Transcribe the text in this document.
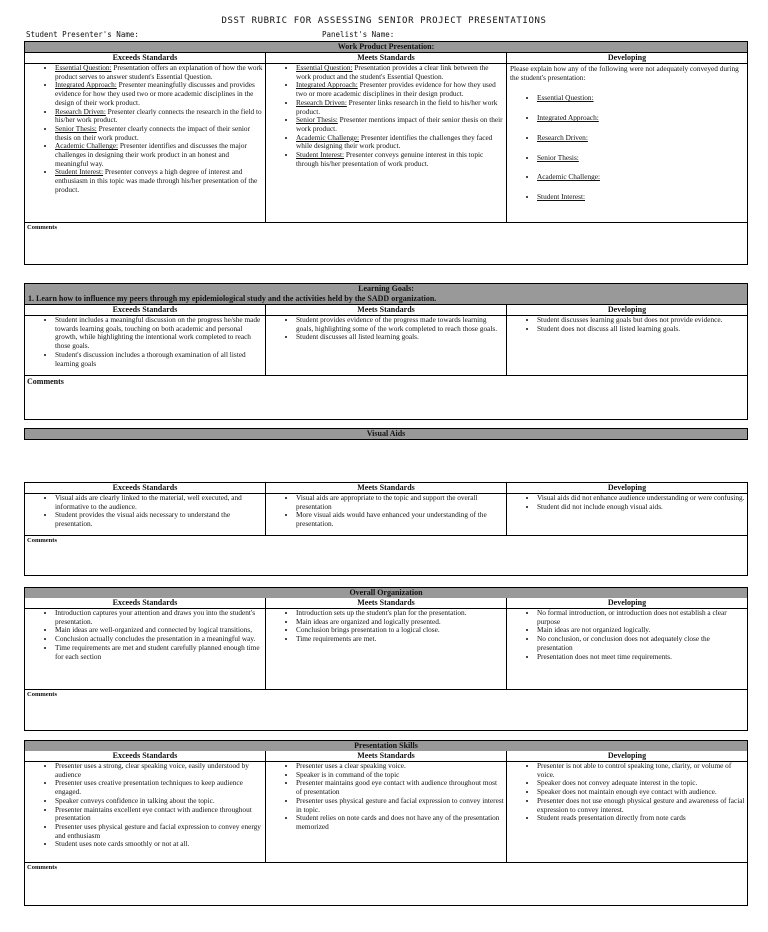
DSST RUBRIC FOR ASSESSING SENIOR PROJECT PRESENTATIONS
Student Presenter's Name:	Panelist's Name:
Work Product Presentation:
Exceeds Standards
• Essential Question: Presentation offers an explanation of how the work product serves to answer student's Essential Question.
• Integrated Approach: Presenter meaningfully discusses and provides evidence for how they used two or more academic disciplines in the design of their work product.
• Research Driven: Presenter clearly connects the research in the field to his/her work product.
• Senior Thesis: Presenter clearly connects the impact of their senior thesis on their work product.
• Academic Challenge: Presenter identifies and discusses the major challenges in designing their work product in an honest and meaningful way.
• Student Interest: Presenter conveys a high degree of interest and enthusiasm in this topic was made through his/her presentation of the product.
Meets Standards
• Essential Question: Presentation provides a clear link between the work product and the student's Essential Question.
• Integrated Approach: Presenter provides evidence for how they used two or more academic disciplines in their design product.
• Research Driven: Presenter links research in the field to his/her work product.
• Senior Thesis: Presenter mentions impact of their senior thesis on their work product.
• Academic Challenge: Presenter identifies the challenges they faced while designing their work product.
• Student Interest: Presenter conveys genuine interest in this topic through his/her presentation of work product.
Developing
Please explain how any of the following were not adequately conveyed during the student's presentation:
• Essential Question:
• Integrated Approach:
• Research Driven:
• Senior Thesis:
• Academic Challenge:
• Student Interest:
Comments
Learning Goals:
1. Learn how to influence my peers through my epidemiological study and the activities held by the SADD organization.
Exceeds Standards
• Student includes a meaningful discussion on the progress he/she made towards learning goals, touching on both academic and personal growth, while highlighting the intentional work completed to reach those goals.
• Student's discussion includes a thorough examination of all listed learning goals
Meets Standards
• Student provides evidence of the progress made towards learning goals, highlighting some of the work completed to reach those goals.
• Student discusses all listed learning goals.
Developing
• Student discusses learning goals but does not provide evidence.
• Student does not discuss all listed learning goals.
Comments
Visual Aids
Exceeds Standards
• Visual aids are clearly linked to the material, well executed, and informative to the audience.
• Student provides the visual aids necessary to understand the presentation.
Meets Standards
• Visual aids are appropriate to the topic and support the overall presentation
• More visual aids would have enhanced your understanding of the presentation.
Developing
• Visual aids did not enhance audience understanding or were confusing.
• Student did not include enough visual aids.
Comments
Overall Organization
Exceeds Standards
• Introduction captures your attention and draws you into the student's presentation.
• Main ideas are well-organized and connected by logical transitions,
• Conclusion actually concludes the presentation in a meaningful way.
• Time requirements are met and student carefully planned enough time for each section
Meets Standards
• Introduction sets up the student's plan for the presentation.
• Main ideas are organized and logically presented.
• Conclusion brings presentation to a logical close.
• Time requirements are met.
Developing
• No formal introduction, or introduction does not establish a clear purpose
• Main ideas are not organized logically.
• No conclusion, or conclusion does not adequately close the presentation
• Presentation does not meet time requirements.
Comments
Presentation Skills
Exceeds Standards
• Presenter uses a strong, clear speaking voice, easily understood by audience
• Presenter uses creative presentation techniques to keep audience engaged.
• Speaker conveys confidence in talking about the topic.
• Presenter maintains excellent eye contact with audience throughout presentation
• Presenter uses physical gesture and facial expression to convey energy and enthusiasm
• Student uses note cards smoothly or not at all.
Meets Standards
• Presenter uses a clear speaking voice.
• Speaker is in command of the topic
• Presenter maintains good eye contact with audience throughout most of presentation
• Presenter uses physical gesture and facial expression to convey interest in topic.
• Student relies on note cards and does not have any of the presentation memorized
Developing
• Presenter is not able to control speaking tone, clarity, or volume of voice.
• Speaker does not convey adequate interest in the topic.
• Speaker does not maintain enough eye contact with audience.
• Presenter does not use enough physical gesture and awareness of facial expression to convey interest.
• Student reads presentation directly from note cards
Comments
